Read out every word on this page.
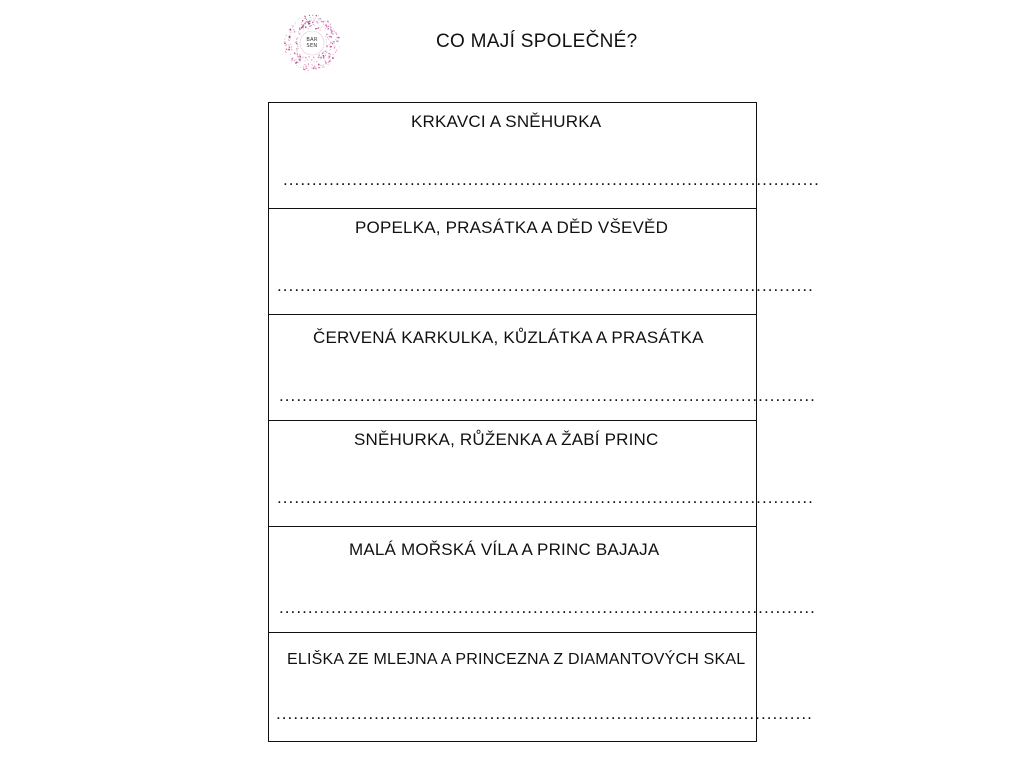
BAR
SEN	CO MAJÍ SPOLEČNÉ?
KRKAVCI A SNĚHURKA
.............................................................................................
POPELKA, PRASÁTKA A DĚD VŠEVĚD
.............................................................................................
ČERVENÁ KARKULKA, KŮZLÁTKA A PRASÁTKA
.............................................................................................
SNĚHURKA, RŮŽENKA A ŽABÍ PRINC
.............................................................................................
MALÁ MOŘSKÁ VÍLA A PRINC BAJAJA
.............................................................................................
ELIŠKA ZE MLEJNA A PRINCEZNA Z DIAMANTOVÝCH SKAL
.............................................................................................
